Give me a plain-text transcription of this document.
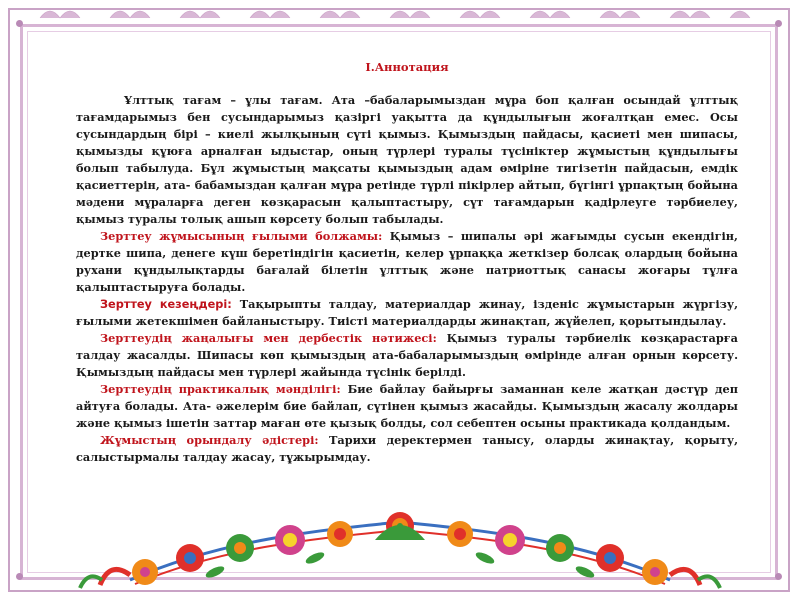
I.Аннотация

Ұлттық тағам – ұлы тағам. Ата –бабаларымыздан мұра боп қалған осындай ұлттық тағамдарымыз бен сусындарымыз қазіргі уақытта да құндылығын жоғалтқан емес. Осы сусындардың бірі – киелі жылқының сүті қымыз. Қымыздың пайдасы, қасиеті мен шипасы, қымызды құюға арналған ыдыстар, оның түрлері туралы түсініктер жұмыстың құндылығы болып табылуда. Бұл жұмыстың мақсаты қымыздың адам өміріне тигізетін пайдасын, емдік қасиеттерін, ата- бабамыздан қалған мұра ретінде түрлі пікірлер айтып, бүгінгі ұрпақтың бойына мәдени мұраларға деген көзқарасын қалыптастыру, сүт тағамдарын қадірлеуге тәрбиелеу, қымыз туралы толық ашып көрсету болып табылады.

Зерттеу жұмысының ғылыми болжамы: Қымыз – шипалы әрі жағымды сусын екендігін, дертке шипа, денеге күш беретіндігін қасиетін, келер ұрпаққа жеткізер болсақ олардың бойына рухани құндылықтарды бағалай білетін ұлттық және патриоттық санасы жоғары тұлға қалыптастыруға болады.

Зерттеу кезеңдері: Тақырыпты талдау, материалдар жинау, ізденіс жұмыстарын жүргізу, ғылыми жетекшімен байланыстыру. Тиісті материалдарды жинақтап, жүйелеп, қорытындылау.

Зерттеудің жаңалығы мен дербестік нәтижесі: Қымыз туралы тәрбиелік көзқарастарға талдау жасалды. Шипасы көп қымыздың ата-бабаларымыздың өмірінде алған орнын көрсету. Қымыздың пайдасы мен түрлері жайында түсінік берілді.

Зерттеудің практикалық мәнділігі: Бие байлау байырғы заманнан келе жатқан дәстүр деп айтуға болады. Ата- әжелерім бие байлап, сүтінен қымыз жасайды. Қымыздың жасалу жолдары және қымыз ішетін заттар маған өте қызық болды, сол себептен осыны практикада қолдандым.

Жұмыстың орындалу әдістері: Тарихи деректермен танысу, оларды жинақтау, қоpыту, салыстырмалы талдау жасау, тұжырымдау.
